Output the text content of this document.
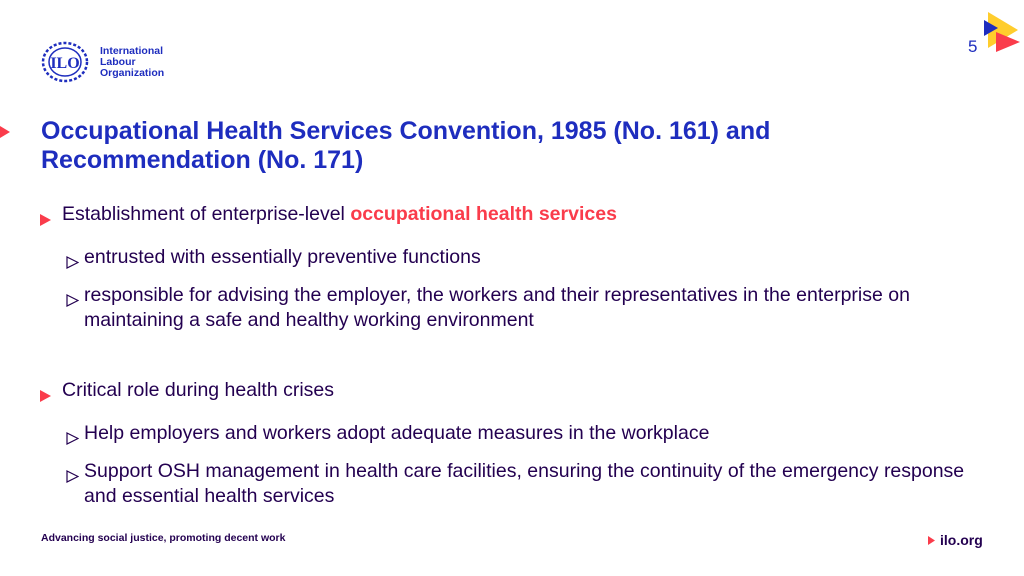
ILO
International
Labour
Organization
5
Occupational Health Services Convention, 1985 (No. 161) and
Recommendation (No. 171)
Establishment of enterprise-level occupational health services
entrusted with essentially preventive functions
responsible for advising the employer, the workers and their representatives in the enterprise on maintaining a safe and healthy working environment
Critical role during health crises
Help employers and workers adopt adequate measures in the workplace
Support OSH management in health care facilities, ensuring the continuity of the emergency response and essential health services
Advancing social justice, promoting decent work	ilo.org
